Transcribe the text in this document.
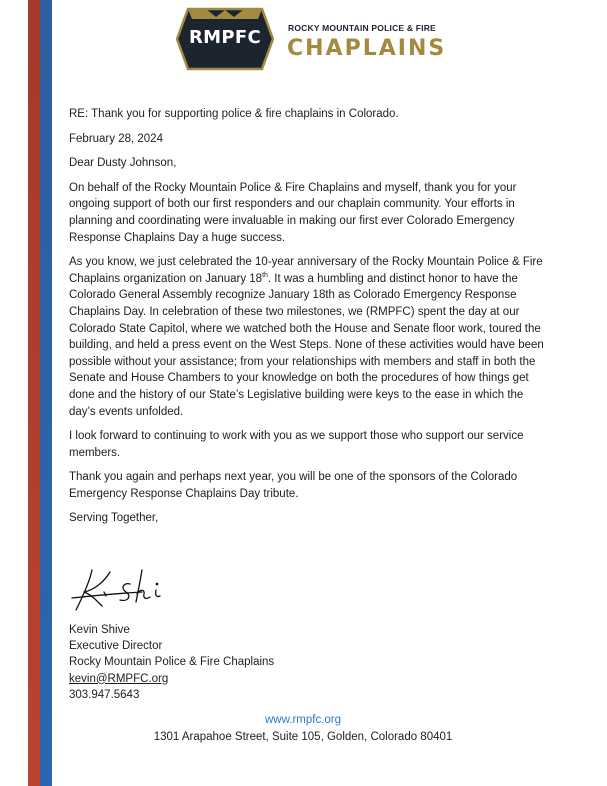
RMPFC	ROCKY MOUNTAIN POLICE & FIRE
CHAPLAINS

RE: Thank you for supporting police & fire chaplains in Colorado.

February 28, 2024

Dear Dusty Johnson,

On behalf of the Rocky Mountain Police & Fire Chaplains and myself, thank you for your ongoing support of both our first responders and our chaplain community. Your efforts in planning and coordinating were invaluable in making our first ever Colorado Emergency Response Chaplains Day a huge success.

As you know, we just celebrated the 10-year anniversary of the Rocky Mountain Police & Fire Chaplains organization on January 18th. It was a humbling and distinct honor to have the Colorado General Assembly recognize January 18th as Colorado Emergency Response Chaplains Day. In celebration of these two milestones, we (RMPFC) spent the day at our Colorado State Capitol, where we watched both the House and Senate floor work, toured the building, and held a press event on the West Steps. None of these activities would have been possible without your assistance; from your relationships with members and staff in both the Senate and House Chambers to your knowledge on both the procedures of how things get done and the history of our State’s Legislative building were keys to the ease in which the day’s events unfolded.

I look forward to continuing to work with you as we support those who support our service members.

Thank you again and perhaps next year, you will be one of the sponsors of the Colorado Emergency Response Chaplains Day tribute.

Serving Together,

Kevin Shive
Executive Director
Rocky Mountain Police & Fire Chaplains
kevin@RMPFC.org
303.947.5643
www.rmpfc.org
1301 Arapahoe Street, Suite 105, Golden, Colorado 80401
